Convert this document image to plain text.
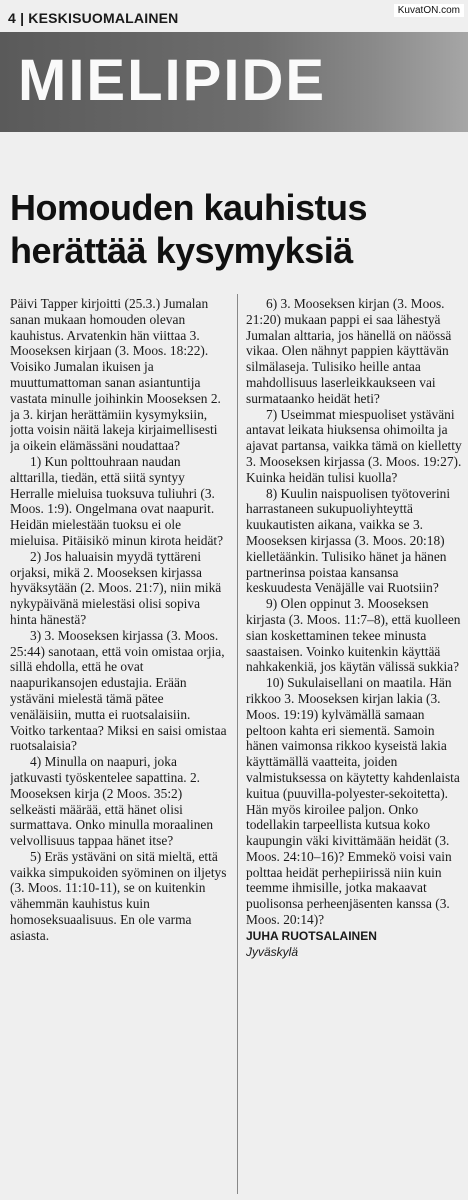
4 | KESKISUOMALAINEN	KuvatON.com
MIELIPIDE
Homouden kauhistus
herättää kysymyksiä

Päivi Tapper kirjoitti (25.3.) Jumalan sanan mukaan homouden olevan kauhistus. Arvatenkin hän viittaa 3. Mooseksen kirjaan (3. Moos. 18:22). Voisiko Jumalan ikuisen ja muuttumattoman sanan asiantuntija vastata minulle joihinkin Mooseksen 2. ja 3. kirjan herättämiin kysymyksiin, jotta voisin näitä lakeja kirjaimellisesti ja oikein elämässäni noudattaa?

1) Kun polttouhraan naudan alttarilla, tiedän, että siitä syntyy Herralle mieluisa tuoksuva tuliuhri (3. Moos. 1:9). Ongelmana ovat naapurit. Heidän mielestään tuoksu ei ole mieluisa. Pitäisikö minun kirota heidät?

2) Jos haluaisin myydä tyttäreni orjaksi, mikä 2. Mooseksen kirjassa hyväksytään (2. Moos. 21:7), niin mikä nykypäivänä mielestäsi olisi sopiva hinta hänestä?

3) 3. Mooseksen kirjassa (3. Moos. 25:44) sanotaan, että voin omistaa orjia, sillä ehdolla, että he ovat naapurikansojen edustajia. Erään ystäväni mielestä tämä pätee venäläisiin, mutta ei ruotsalaisiin. Voitko tarkentaa? Miksi en saisi omistaa ruotsalaisia?

4) Minulla on naapuri, joka jatkuvasti työskentelee sapattina. 2. Mooseksen kirja (2 Moos. 35:2) selkeästi määrää, että hänet olisi surmattava. Onko minulla moraalinen velvollisuus tappaa hänet itse?

5) Eräs ystäväni on sitä mieltä, että vaikka simpukoiden syöminen on iljetys (3. Moos. 11:10-11), se on kuitenkin vähemmän kauhistus kuin homoseksuaalisuus. En ole varma asiasta.

6) 3. Mooseksen kirjan (3. Moos. 21:20) mukaan pappi ei saa lähestyä Jumalan alttaria, jos hänellä on näössä vikaa. Olen nähnyt pappien käyttävän silmälaseja. Tulisiko heille antaa mahdollisuus laserleikkaukseen vai surmataanko heidät heti?

7) Useimmat miespuoliset ystäväni antavat leikata hiuksensa ohimoilta ja ajavat partansa, vaikka tämä on kielletty 3. Mooseksen kirjassa (3. Moos. 19:27). Kuinka heidän tulisi kuolla?

8) Kuulin naispuolisen työtoverini harrastaneen sukupuoliyhteyttä kuukautisten aikana, vaikka se 3. Mooseksen kirjassa (3. Moos. 20:18) kielletäänkin. Tulisiko hänet ja hänen partnerinsa poistaa kansansa keskuudesta Venäjälle vai Ruotsiin?

9) Olen oppinut 3. Mooseksen kirjasta (3. Moos. 11:7–8), että kuolleen sian koskettaminen tekee minusta saastaisen. Voinko kuitenkin käyttää nahkakenkiä, jos käytän välissä sukkia?

10) Sukulaisellani on maatila. Hän rikkoo 3. Mooseksen kirjan lakia (3. Moos. 19:19) kylvämällä samaan peltoon kahta eri siementä. Samoin hänen vaimonsa rikkoo kyseistä lakia käyttämällä vaatteita, joiden valmistuksessa on käytetty kahdenlaista kuitua (puuvilla-polyester-sekoitetta). Hän myös kiroilee paljon. Onko todellakin tarpeellista kutsua koko kaupungin väki kivittämään heidät (3. Moos. 24:10–16)? Emmekö voisi vain polttaa heidät perhepiirissä niin kuin teemme ihmisille, jotka makaavat puolisonsa perheenjäsenten kanssa (3. Moos. 20:14)?

JUHA RUOTSALAINEN
Jyväskylä
